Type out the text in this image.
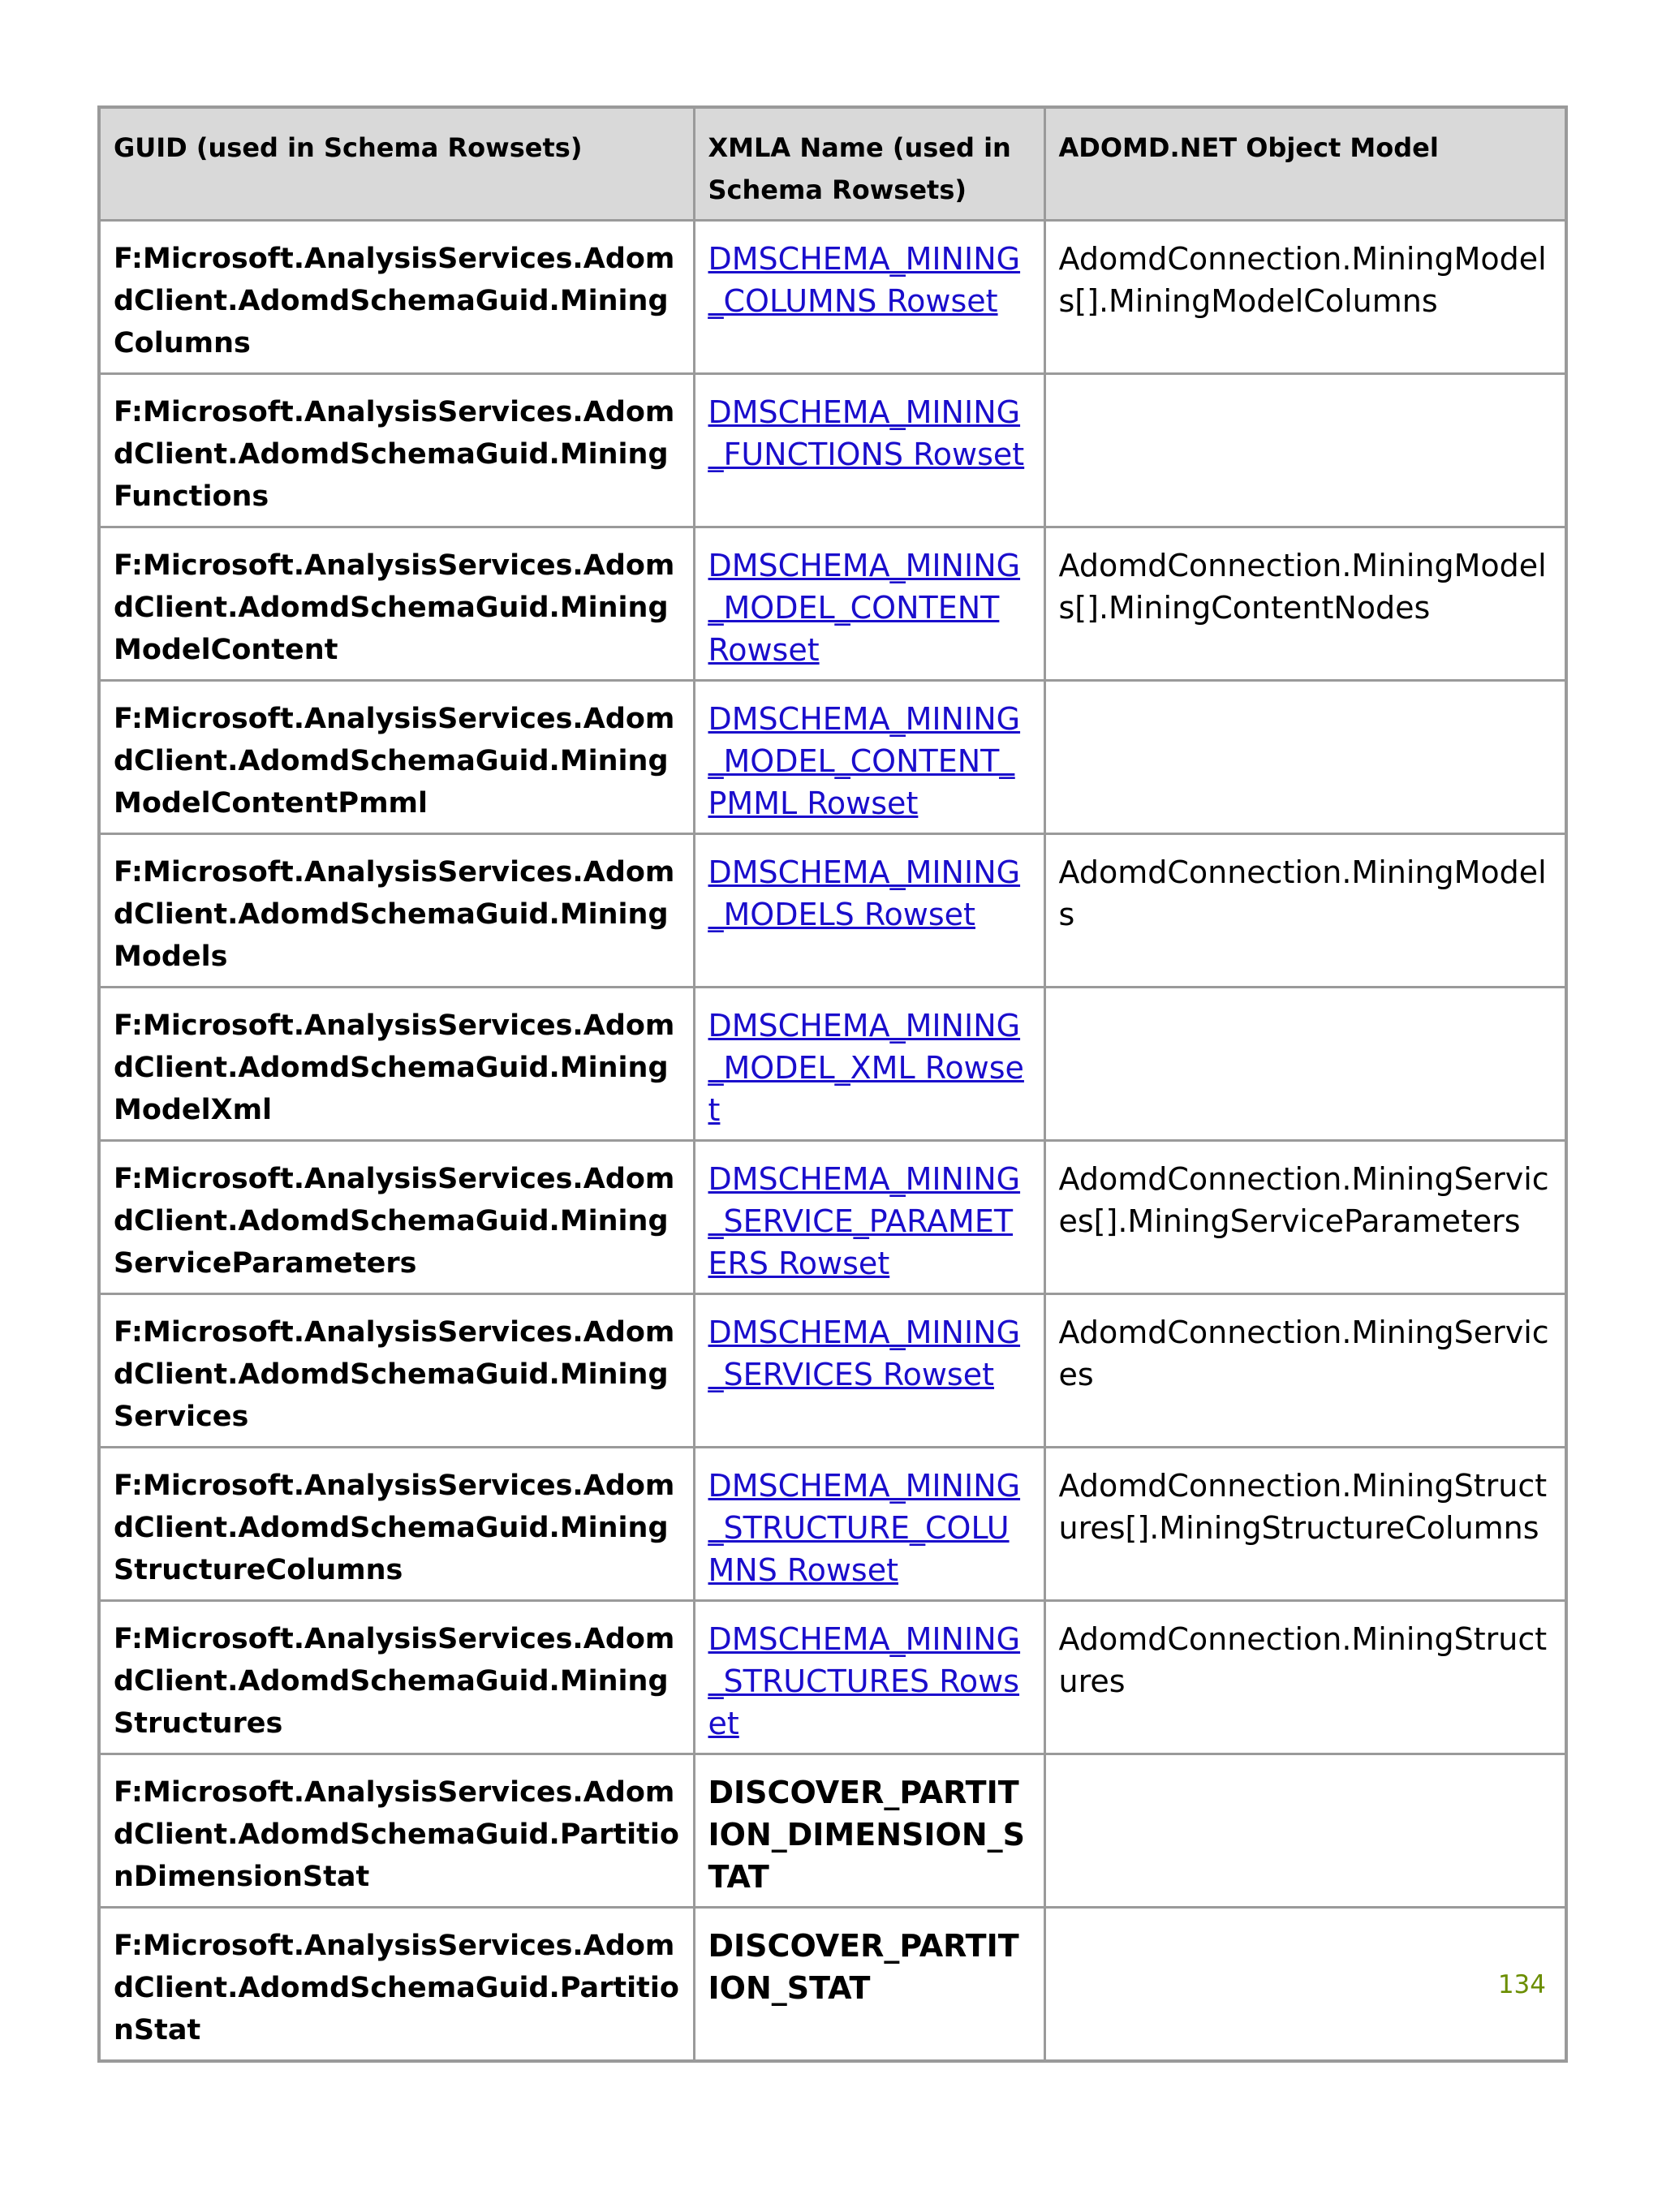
GUID (used in Schema Rowsets)	XMLA Name (used in Schema Rowsets)	ADOMD.NET Object Model
F:Microsoft.AnalysisServices.AdomdClient.AdomdSchemaGuid.MiningColumns	DMSCHEMA_MINING_COLUMNS Rowset	AdomdConnection.MiningModels[].MiningModelColumns
F:Microsoft.AnalysisServices.AdomdClient.AdomdSchemaGuid.MiningFunctions	DMSCHEMA_MINING_FUNCTIONS Rowset	
F:Microsoft.AnalysisServices.AdomdClient.AdomdSchemaGuid.MiningModelContent	DMSCHEMA_MINING_MODEL_CONTENT Rowset	AdomdConnection.MiningModels[].MiningContentNodes
F:Microsoft.AnalysisServices.AdomdClient.AdomdSchemaGuid.MiningModelContentPmml	DMSCHEMA_MINING_MODEL_CONTENT_PMML Rowset	
F:Microsoft.AnalysisServices.AdomdClient.AdomdSchemaGuid.MiningModels	DMSCHEMA_MINING_MODELS Rowset	AdomdConnection.MiningModels
F:Microsoft.AnalysisServices.AdomdClient.AdomdSchemaGuid.MiningModelXml	DMSCHEMA_MINING_MODEL_XML Rowset	
F:Microsoft.AnalysisServices.AdomdClient.AdomdSchemaGuid.MiningServiceParameters	DMSCHEMA_MINING_SERVICE_PARAMETERS Rowset	AdomdConnection.MiningServices[].MiningServiceParameters
F:Microsoft.AnalysisServices.AdomdClient.AdomdSchemaGuid.MiningServices	DMSCHEMA_MINING_SERVICES Rowset	AdomdConnection.MiningServices
F:Microsoft.AnalysisServices.AdomdClient.AdomdSchemaGuid.MiningStructureColumns	DMSCHEMA_MINING_STRUCTURE_COLUMNS Rowset	AdomdConnection.MiningStructures[].MiningStructureColumns
F:Microsoft.AnalysisServices.AdomdClient.AdomdSchemaGuid.MiningStructures	DMSCHEMA_MINING_STRUCTURES Rowset	AdomdConnection.MiningStructures
F:Microsoft.AnalysisServices.AdomdClient.AdomdSchemaGuid.PartitionDimensionStat	DISCOVER_PARTITION_DIMENSION_STAT	
F:Microsoft.AnalysisServices.AdomdClient.AdomdSchemaGuid.PartitionStat	DISCOVER_PARTITION_STAT		134
